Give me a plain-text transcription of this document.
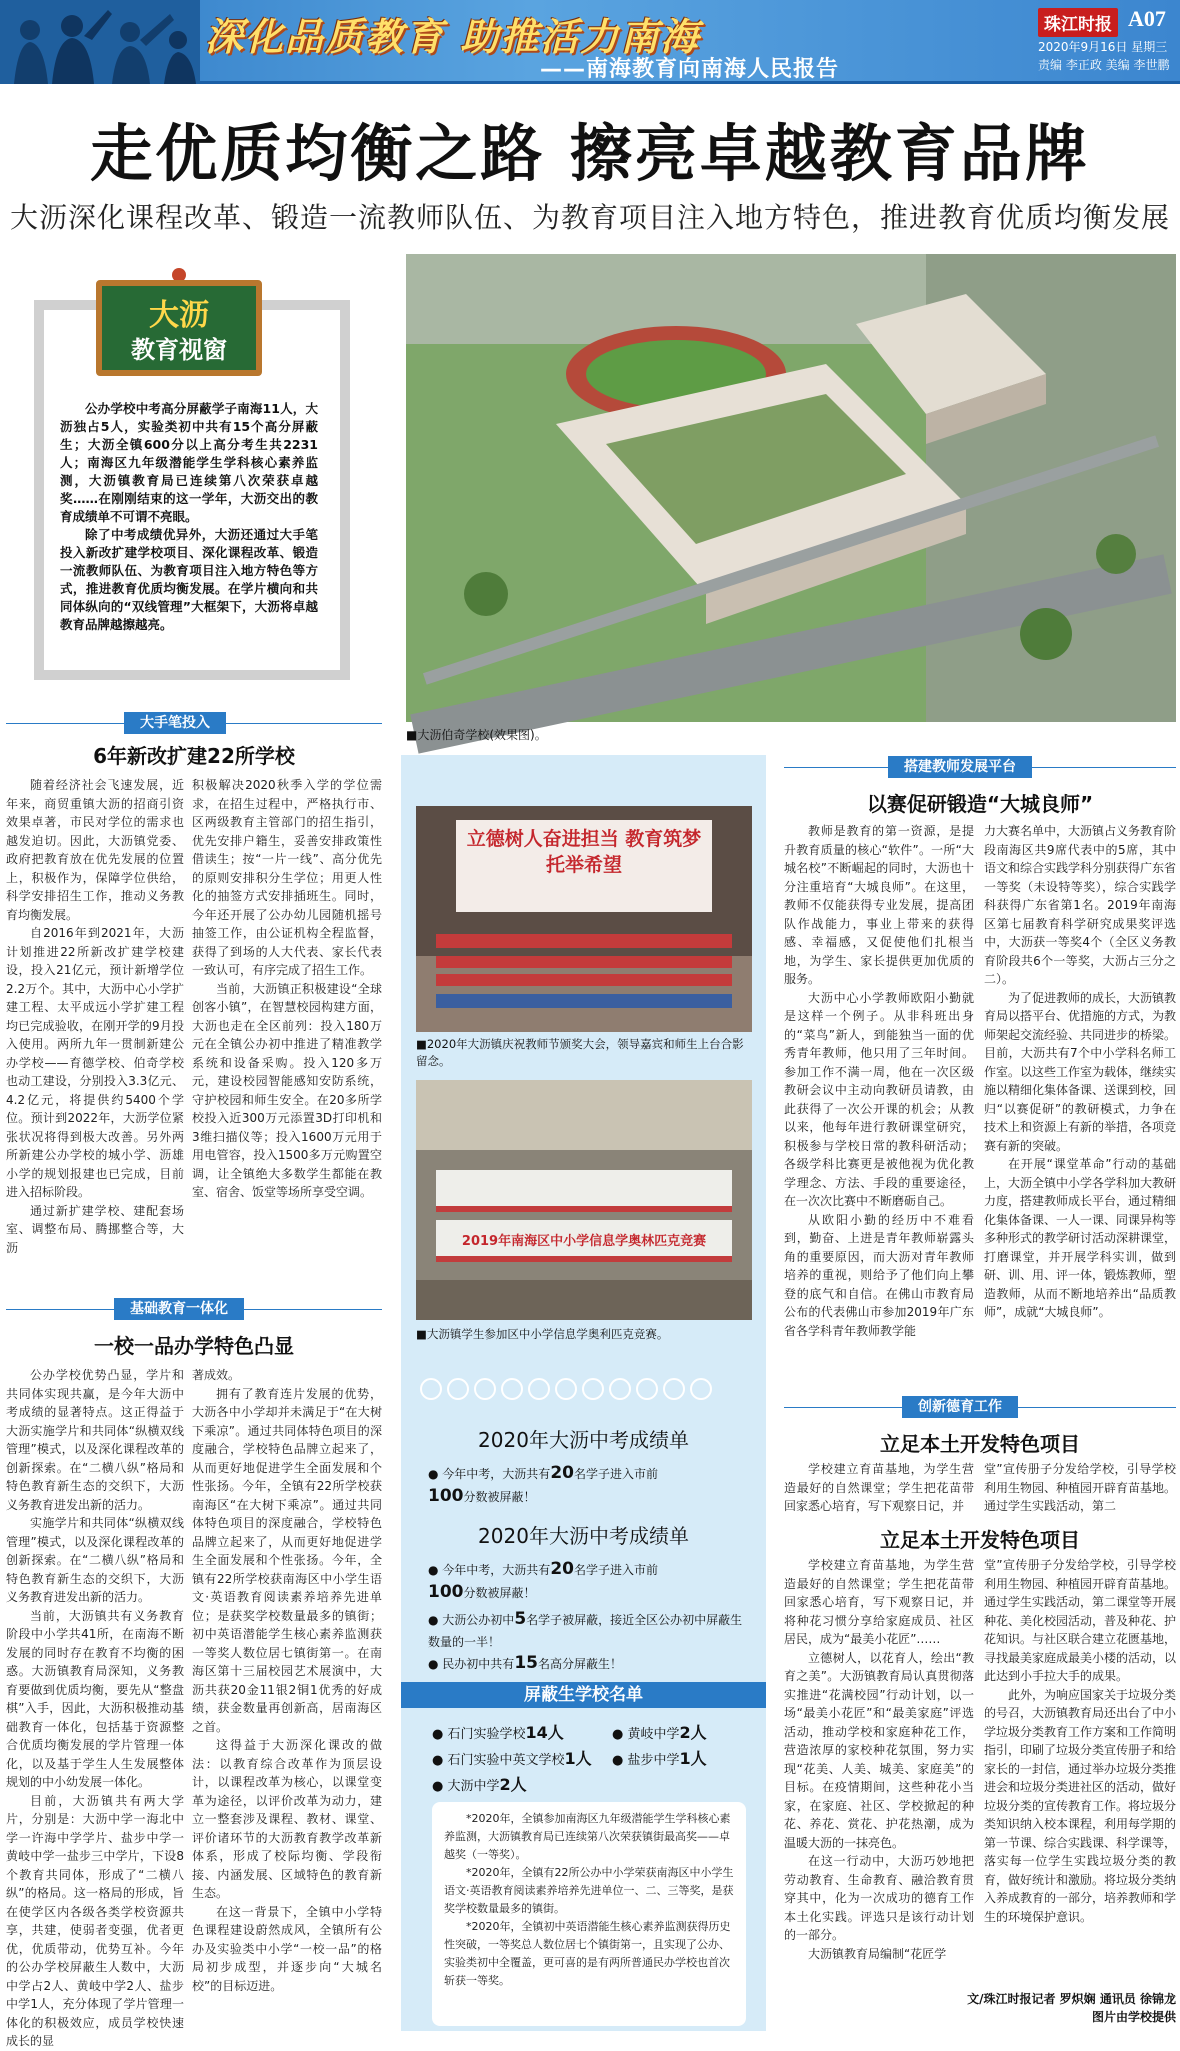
深化品质教育 助推活力南海
——南海教育向南海人民报告
珠江时报 A07
2020年9月16日 星期三
责编 李正政 美编 李世鹏
走优质均衡之路 擦亮卓越教育品牌
大沥深化课程改革、锻造一流教师队伍、为教育项目注入地方特色，推进教育优质均衡发展
大沥
教育视窗

公办学校中考高分屏蔽学子南海11人，大沥独占5人，实验类初中共有15个高分屏蔽生；大沥全镇600分以上高分考生共2231人；南海区九年级潜能学生学科核心素养监测，大沥镇教育局已连续第八次荣获卓越奖……在刚刚结束的这一学年，大沥交出的教育成绩单不可谓不亮眼。

除了中考成绩优异外，大沥还通过大手笔投入新改扩建学校项目、深化课程改革、锻造一流教师队伍、为教育项目注入地方特色等方式，推进教育优质均衡发展。在学片横向和共同体纵向的“双线管理”大框架下，大沥将卓越教育品牌越擦越亮。

■大沥伯奇学校(效果图)。
大手笔投入
6年新改扩建22所学校

随着经济社会飞速发展，近年来，商贸重镇大沥的招商引资效果卓著，市民对学位的需求也越发迫切。因此，大沥镇党委、政府把教育放在优先发展的位置上，积极作为，保障学位供给，科学安排招生工作，推动义务教育均衡发展。

自2016年到2021年，大沥计划推进22所新改扩建学校建设，投入21亿元，预计新增学位2.2万个。其中，大沥中心小学扩建工程、太平成远小学扩建工程均已完成验收，在刚开学的9月投入使用。两所九年一贯制新建公办学校——育德学校、伯奇学校也动工建设，分别投入3.3亿元、4.2亿元，将提供约5400个学位。预计到2022年，大沥学位紧张状况将得到极大改善。另外两所新建公办学校的城小学、沥雄小学的规划报建也已完成，目前进入招标阶段。

通过新扩建学校、建配套场室、调整布局、腾挪整合等，大沥

积极解决2020秋季入学的学位需求，在招生过程中，严格执行市、区两级教育主管部门的招生指引，优先安排户籍生，妥善安排政策性借读生；按“一片一线”、高分优先的原则安排积分生学位；用更人性化的抽签方式安排插班生。同时，今年还开展了公办幼儿园随机摇号抽签工作，由公证机构全程监督，获得了到场的人大代表、家长代表一致认可，有序完成了招生工作。

当前，大沥镇正积极建设“全球创客小镇”，在智慧校园构建方面，大沥也走在全区前列：投入180万元在全镇公办初中推进了精准教学系统和设备采购。投入120多万元，建设校园智能感知安防系统，守护校园和师生安全。在20多所学校投入近300万元添置3D打印机和3维扫描仪等；投入1600万元用于用电管容，投入1500多万元购置空调，让全镇绝大多数学生都能在教室、宿舍、饭堂等场所享受空调。

基础教育一体化
一校一品办学特色凸显

公办学校优势凸显，学片和共同体实现共赢，是今年大沥中考成绩的显著特点。这正得益于大沥实施学片和共同体“纵横双线管理”模式，以及深化课程改革的创新探索。在“二横八纵”格局和特色教育新生态的交织下，大沥义务教育进发出新的活力。

实施学片和共同体“纵横双线管理”模式，以及深化课程改革的创新探索。在“二横八纵”格局和特色教育新生态的交织下，大沥义务教育进发出新的活力。

当前，大沥镇共有义务教育阶段中小学共41所，在南海不断发展的同时存在教育不均衡的困惑。大沥镇教育局深知，义务教育要做到优质均衡，要先从“整盘棋”入手，因此，大沥积极推动基础教育一体化，包括基于资源整合优质均衡发展的学片管理一体化，以及基于学生人生发展整体规划的中小幼发展一体化。

目前，大沥镇共有两大学片，分别是：大沥中学一海北中学一许海中学学片、盐步中学一黄岐中学一盐步三中学片，下设8个教育共同体，形成了“二横八纵”的格局。这一格局的形成，旨在使学区内各级各类学校资源共享，共建，使弱者变强，优者更优，优质带动，优势互补。今年的公办学校屏蔽生人数中，大沥中学占2人、黄岐中学2人、盐步中学1人，充分体现了学片管理一体化的积极效应，成员学校快速成长的显

著成效。

拥有了教育连片发展的优势，大沥各中小学却并未满足于“在大树下乘凉”。通过共同体特色项目的深度融合，学校特色品牌立起来了，从而更好地促进学生全面发展和个性张扬。今年，全镇有22所学校获南海区“在大树下乘凉”。通过共同体特色项目的深度融合，学校特色品牌立起来了，从而更好地促进学生全面发展和个性张扬。今年，全镇有22所学校获南海区中小学生语文·英语教育阅读素养培养先进单位；是获奖学校数量最多的镇街；初中英语潜能学生核心素养监测获一等奖人数位居七镇街第一。在南海区第十三届校园艺术展演中，大沥共获20金11银2铜1优秀的好成绩，获金数量再创新高，居南海区之首。

这得益于大沥深化课改的做法：以教育综合改革作为顶层设计，以课程改革为核心，以课堂变革为途径，以评价改革为动力，建立一整套涉及课程、教材、课堂、评价诸环节的大沥教育教学改革新体系，形成了校际均衡、学段衔接、内涵发展、区域特色的教育新生态。

在这一背景下，全镇中小学特色课程建设蔚然成风，全镇所有公办及实验类中小学“一校一品”的格局初步成型，并逐步向“大城名校”的目标迈进。

立德树人奋进担当 教育筑梦托举希望
■2020年大沥镇庆祝教师节颁奖大会，领导嘉宾和师生上台合影留念。
2019年南海区中小学信息学奥林匹克竞赛
■大沥镇学生参加区中小学信息学奥利匹克竞赛。
2020年大沥中考成绩单
● 今年中考，大沥共有20名学子进入市前
100分数被屏蔽！
2020年大沥中考成绩单
● 今年中考，大沥共有20名学子进入市前
100分数被屏蔽！
● 大沥公办初中5名学子被屏蔽，接近全区公办初中屏蔽生数量的一半！
● 民办初中共有15名高分屏蔽生！
屏蔽生学校名单
● 石门实验学校14人	● 黄岐中学2人
● 石门实验中英文学校1人 ● 盐步中学1人
● 大沥中学2人

*2020年，全镇参加南海区九年级潜能学生学科核心素养监测，大沥镇教育局已连续第八次荣获镇街最高奖——卓越奖（一等奖）。

*2020年，全镇有22所公办中小学荣获南海区中小学生语文·英语教育阅读素养培养先进单位一、二、三等奖，是获奖学校数量最多的镇街。

*2020年，全镇初中英语潜能生核心素养监测获得历史性突破，一等奖总人数位居七个镇街第一，且实现了公办、实验类初中全覆盖，更可喜的是有两所普通民办学校也首次斩获一等奖。

搭建教师发展平台
以赛促研锻造“大城良师”

教师是教育的第一资源，是提升教育质量的核心“软件”。一所“大城名校”不断崛起的同时，大沥也十分注重培育“大城良师”。在这里，教师不仅能获得专业发展，提高团队作战能力，事业上带来的获得感、幸福感，又促使他们扎根当地，为学生、家长提供更加优质的服务。

大沥中心小学教师欧阳小勤就是这样一个例子。从非科班出身的“菜鸟”新人，到能独当一面的优秀青年教师，他只用了三年时间。参加工作不满一周，他在一次区级教研会议中主动向教研员请教，由此获得了一次公开课的机会；从教以来，他每年进行教研课堂研究，积极参与学校日常的教科研活动；各级学科比赛更是被他视为优化教学理念、方法、手段的重要途径，在一次次比赛中不断磨砺自己。

从欧阳小勤的经历中不难看到，勤奋、上进是青年教师崭露头角的重要原因，而大沥对青年教师培养的重视，则给予了他们向上攀登的底气和自信。在佛山市教育局公布的代表佛山市参加2019年广东省各学科青年教师教学能

力大赛名单中，大沥镇占义务教育阶段南海区共9席代表中的5席，其中语文和综合实践学科分别获得广东省一等奖（未设特等奖），综合实践学科获得广东省第1名。2019年南海区第七届教育科学研究成果奖评选中，大沥获一等奖4个（全区义务教育阶段共6个一等奖，大沥占三分之二）。

为了促进教师的成长，大沥镇教育局以搭平台、优措施的方式，为教师架起交流经验、共同进步的桥梁。目前，大沥共有7个中小学科名师工作室。以这些工作室为载体，继续实施以精细化集体备课、送课到校，回归“以赛促研”的教研模式，力争在技术上和资源上有新的举措，各项竞赛有新的突破。

在开展“课堂革命”行动的基础上，大沥全镇中小学各学科加大教研力度，搭建教师成长平台，通过精细化集体备课、一人一课、同课异构等多种形式的教学研讨活动深耕课堂，打磨课堂，并开展学科实训，做到研、训、用、评一体，锻炼教师，塑造教师，从而不断地培养出“品质教师”，成就“大城良师”。

创新德育工作
立足本土开发特色项目
学校建立育苗基地，为学生营造最好的自然课堂；学生把花苗带回家悉心培育，写下观察日记，并
堂”宣传册子分发给学校，引导学校利用生物园、种植园开辟育苗基地。通过学生实践活动，第二
立足本土开发特色项目

学校建立育苗基地，为学生营造最好的自然课堂；学生把花苗带回家悉心培育，写下观察日记，并将种花习惯分享给家庭成员、社区居民，成为“最美小花匠”……

立德树人，以花育人，绘出“教育之美”。大沥镇教育局认真贯彻落实推进“花满校园”行动计划，以一场“最美小花匠”和“最美家庭”评选活动，推动学校和家庭种花工作，营造浓厚的家校种花氛围，努力实现“花美、人美、城美、家庭美”的目标。在疫情期间，这些种花小当家，在家庭、社区、学校掀起的种花、养花、赏花、护花热潮，成为温暖大沥的一抹亮色。

在这一行动中，大沥巧妙地把劳动教育、生命教育、融洽教育贯穿其中，化为一次成功的德育工作本土化实践。评选只是该行动计划的一部分。

大沥镇教育局编制“花匠学

堂”宣传册子分发给学校，引导学校利用生物园、种植园开辟育苗基地。通过学生实践活动，第二课堂等开展种花、美化校园活动，普及种花、护花知识。与社区联合建立花匮基地，寻找最美家庭成最美小楼的活动，以此达到小手拉大手的成果。

此外，为响应国家关于垃圾分类的号召，大沥镇教育局还出台了中小学垃圾分类教育工作方案和工作简明指引，印刷了垃圾分类宣传册子和给家长的一封信，通过举办垃圾分类推进会和垃圾分类进社区的活动，做好垃圾分类的宣传教育工作。将垃圾分类知识纳入校本课程，利用每学期的第一节课、综合实践课、科学课等，落实每一位学生实践垃圾分类的教育，做好统计和激励。将垃圾分类纳入养成教育的一部分，培养教师和学生的环境保护意识。

文/珠江时报记者 罗炽娴 通讯员 徐锦龙
图片由学校提供
